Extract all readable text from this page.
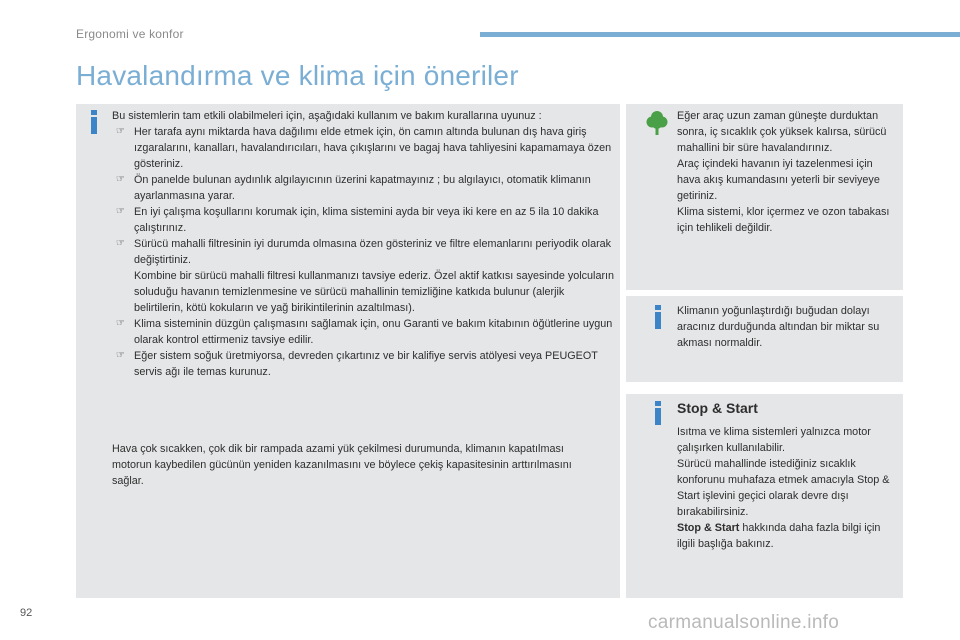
Ergonomi ve konfor
Havalandırma ve klima için öneriler
Bu sistemlerin tam etkili olabilmeleri için, aşağıdaki kullanım ve bakım kurallarına uyunuz :
☞ Her tarafa aynı miktarda hava dağılımı elde etmek için, ön camın altında bulunan dış hava giriş ızgaralarını, kanalları, havalandırıcıları, hava çıkışlarını ve bagaj hava tahliyesini kapamamaya özen gösteriniz.
☞ Ön panelde bulunan aydınlık algılayıcının üzerini kapatmayınız ; bu algılayıcı, otomatik klimanın ayarlanmasına yarar.
☞ En iyi çalışma koşullarını korumak için, klima sistemini ayda bir veya iki kere en az 5 ila 10 dakika çalıştırınız.
☞ Sürücü mahalli filtresinin iyi durumda olmasına özen gösteriniz ve filtre elemanlarını periyodik olarak değiştirtiniz.
Kombine bir sürücü mahalli filtresi kullanmanızı tavsiye ederiz. Özel aktif katkısı sayesinde yolcuların soluduğu havanın temizlenmesine ve sürücü mahallinin temizliğine katkıda bulunur (alerjik belirtilerin, kötü kokuların ve yağ birikintilerinin azaltılması).
☞ Klima sisteminin düzgün çalışmasını sağlamak için, onu Garanti ve bakım kitabının öğütlerine uygun olarak kontrol ettirmeniz tavsiye edilir.
☞ Eğer sistem soğuk üretmiyorsa, devreden çıkartınız ve bir kalifiye servis atölyesi veya PEUGEOT servis ağı ile temas kurunuz.
Hava çok sıcakken, çok dik bir rampada azami yük çekilmesi durumunda, klimanın kapatılması motorun kaybedilen gücünün yeniden kazanılmasını ve böylece çekiş kapasitesinin arttırılmasını sağlar.
Eğer araç uzun zaman güneşte durduktan sonra, iç sıcaklık çok yüksek kalırsa, sürücü mahallini bir süre havalandırınız.
Araç içindeki havanın iyi tazelenmesi için hava akış kumandasını yeterli bir seviyeye getiriniz.
Klima sistemi, klor içermez ve ozon tabakası için tehlikeli değildir.
Klimanın yoğunlaştırdığı buğudan dolayı aracınız durduğunda altından bir miktar su akması normaldir.
Stop & Start
Isıtma ve klima sistemleri yalnızca motor çalışırken kullanılabilir.
Sürücü mahallinde istediğiniz sıcaklık konforunu muhafaza etmek amacıyla Stop & Start işlevini geçici olarak devre dışı bırakabilirsiniz.
Stop & Start hakkında daha fazla bilgi için ilgili başlığa bakınız.
92	carmanualsonline.info
